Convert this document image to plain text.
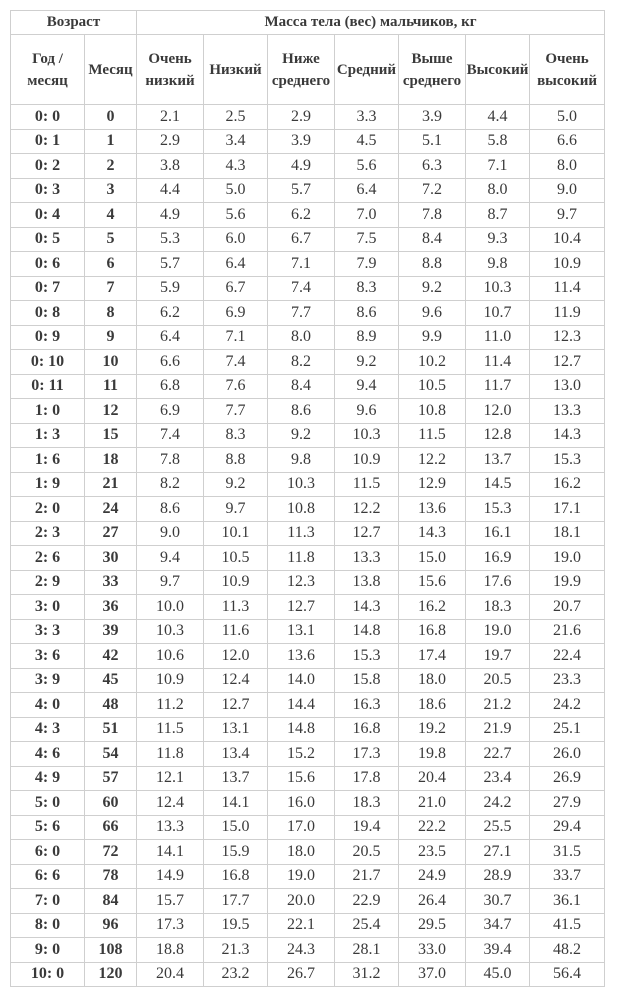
Возраст		Масса тела (вес) мальчиков, кг						
Год / месяц	Месяц	Очень низкий	Низкий	Ниже среднего	Средний	Выше среднего	Высокий	Очень высокий
0: 0	0	2.1	2.5	2.9	3.3	3.9	4.4	5.0
0: 1	1	2.9	3.4	3.9	4.5	5.1	5.8	6.6
0: 2	2	3.8	4.3	4.9	5.6	6.3	7.1	8.0
0: 3	3	4.4	5.0	5.7	6.4	7.2	8.0	9.0
0: 4	4	4.9	5.6	6.2	7.0	7.8	8.7	9.7
0: 5	5	5.3	6.0	6.7	7.5	8.4	9.3	10.4
0: 6	6	5.7	6.4	7.1	7.9	8.8	9.8	10.9
0: 7	7	5.9	6.7	7.4	8.3	9.2	10.3	11.4
0: 8	8	6.2	6.9	7.7	8.6	9.6	10.7	11.9
0: 9	9	6.4	7.1	8.0	8.9	9.9	11.0	12.3
0: 10	10	6.6	7.4	8.2	9.2	10.2	11.4	12.7
0: 11	11	6.8	7.6	8.4	9.4	10.5	11.7	13.0
1: 0	12	6.9	7.7	8.6	9.6	10.8	12.0	13.3
1: 3	15	7.4	8.3	9.2	10.3	11.5	12.8	14.3
1: 6	18	7.8	8.8	9.8	10.9	12.2	13.7	15.3
1: 9	21	8.2	9.2	10.3	11.5	12.9	14.5	16.2
2: 0	24	8.6	9.7	10.8	12.2	13.6	15.3	17.1
2: 3	27	9.0	10.1	11.3	12.7	14.3	16.1	18.1
2: 6	30	9.4	10.5	11.8	13.3	15.0	16.9	19.0
2: 9	33	9.7	10.9	12.3	13.8	15.6	17.6	19.9
3: 0	36	10.0	11.3	12.7	14.3	16.2	18.3	20.7
3: 3	39	10.3	11.6	13.1	14.8	16.8	19.0	21.6
3: 6	42	10.6	12.0	13.6	15.3	17.4	19.7	22.4
3: 9	45	10.9	12.4	14.0	15.8	18.0	20.5	23.3
4: 0	48	11.2	12.7	14.4	16.3	18.6	21.2	24.2
4: 3	51	11.5	13.1	14.8	16.8	19.2	21.9	25.1
4: 6	54	11.8	13.4	15.2	17.3	19.8	22.7	26.0
4: 9	57	12.1	13.7	15.6	17.8	20.4	23.4	26.9
5: 0	60	12.4	14.1	16.0	18.3	21.0	24.2	27.9
5: 6	66	13.3	15.0	17.0	19.4	22.2	25.5	29.4
6: 0	72	14.1	15.9	18.0	20.5	23.5	27.1	31.5
6: 6	78	14.9	16.8	19.0	21.7	24.9	28.9	33.7
7: 0	84	15.7	17.7	20.0	22.9	26.4	30.7	36.1
8: 0	96	17.3	19.5	22.1	25.4	29.5	34.7	41.5
9: 0	108	18.8	21.3	24.3	28.1	33.0	39.4	48.2
10: 0	120	20.4	23.2	26.7	31.2	37.0	45.0	56.4
